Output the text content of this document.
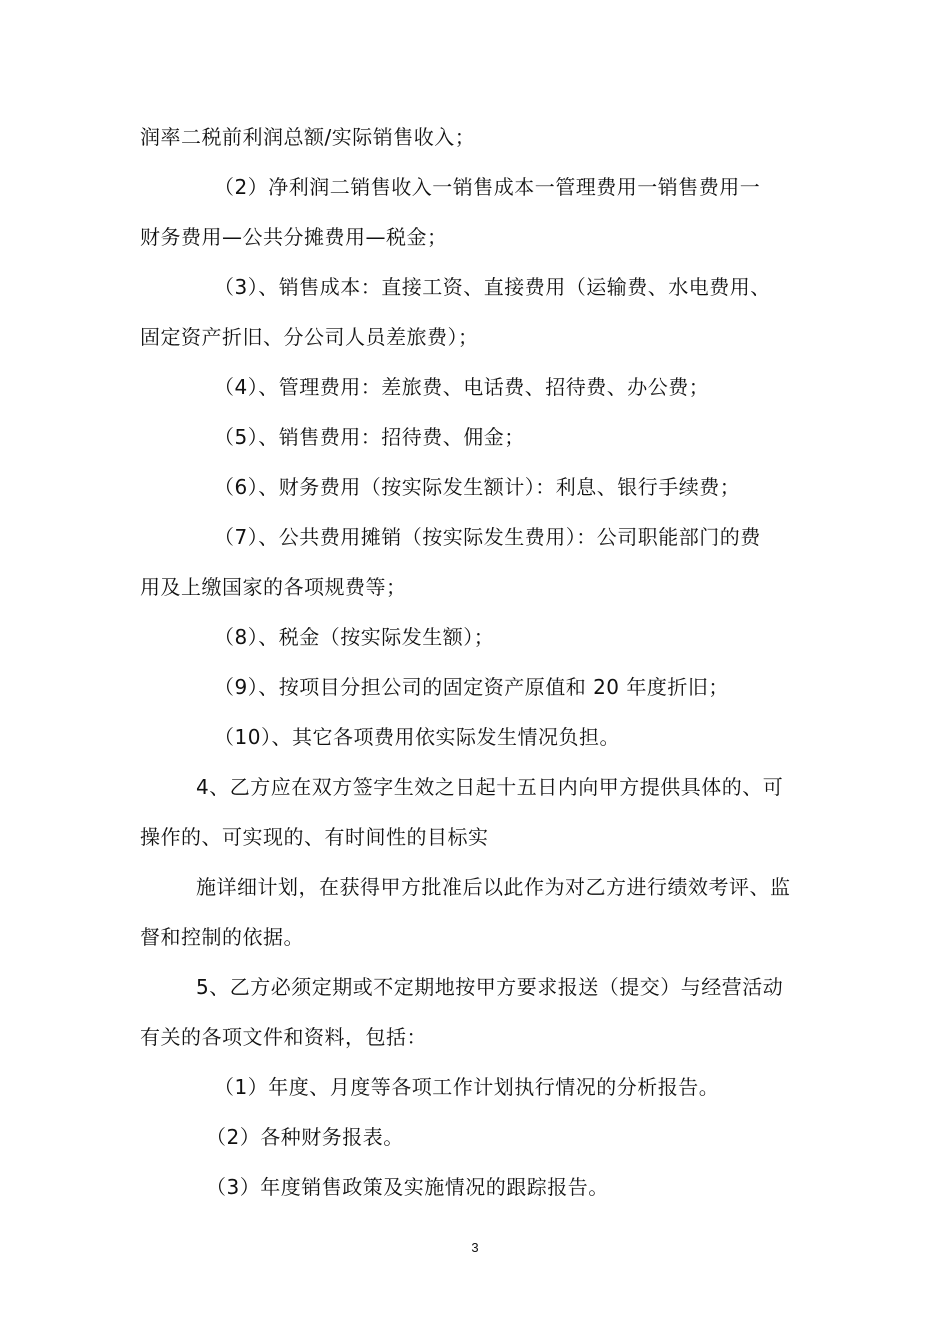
润率二税前利润总额/实际销售收入；
（2）净利润二销售收入一销售成本一管理费用一销售费用一
财务费用—公共分摊费用—税金；
（3）、销售成本：直接工资、直接费用（运输费、水电费用、
固定资产折旧、分公司人员差旅费）；
（4）、管理费用：差旅费、电话费、招待费、办公费；
（5）、销售费用：招待费、佣金；
（6）、财务费用（按实际发生额计）：利息、银行手续费；
（7）、公共费用摊销（按实际发生费用）：公司职能部门的费
用及上缴国家的各项规费等；
（8）、税金（按实际发生额）；
（9）、按项目分担公司的固定资产原值和 20 年度折旧；
（10）、其它各项费用依实际发生情况负担。
4、乙方应在双方签字生效之日起十五日内向甲方提供具体的、可
操作的、可实现的、有时间性的目标实
施详细计划，在获得甲方批准后以此作为对乙方进行绩效考评、监
督和控制的依据。
5、乙方必须定期或不定期地按甲方要求报送（提交）与经营活动
有关的各项文件和资料，包括：
（1）年度、月度等各项工作计划执行情况的分析报告。
（2）各种财务报表。
（3）年度销售政策及实施情况的跟踪报告。
3
